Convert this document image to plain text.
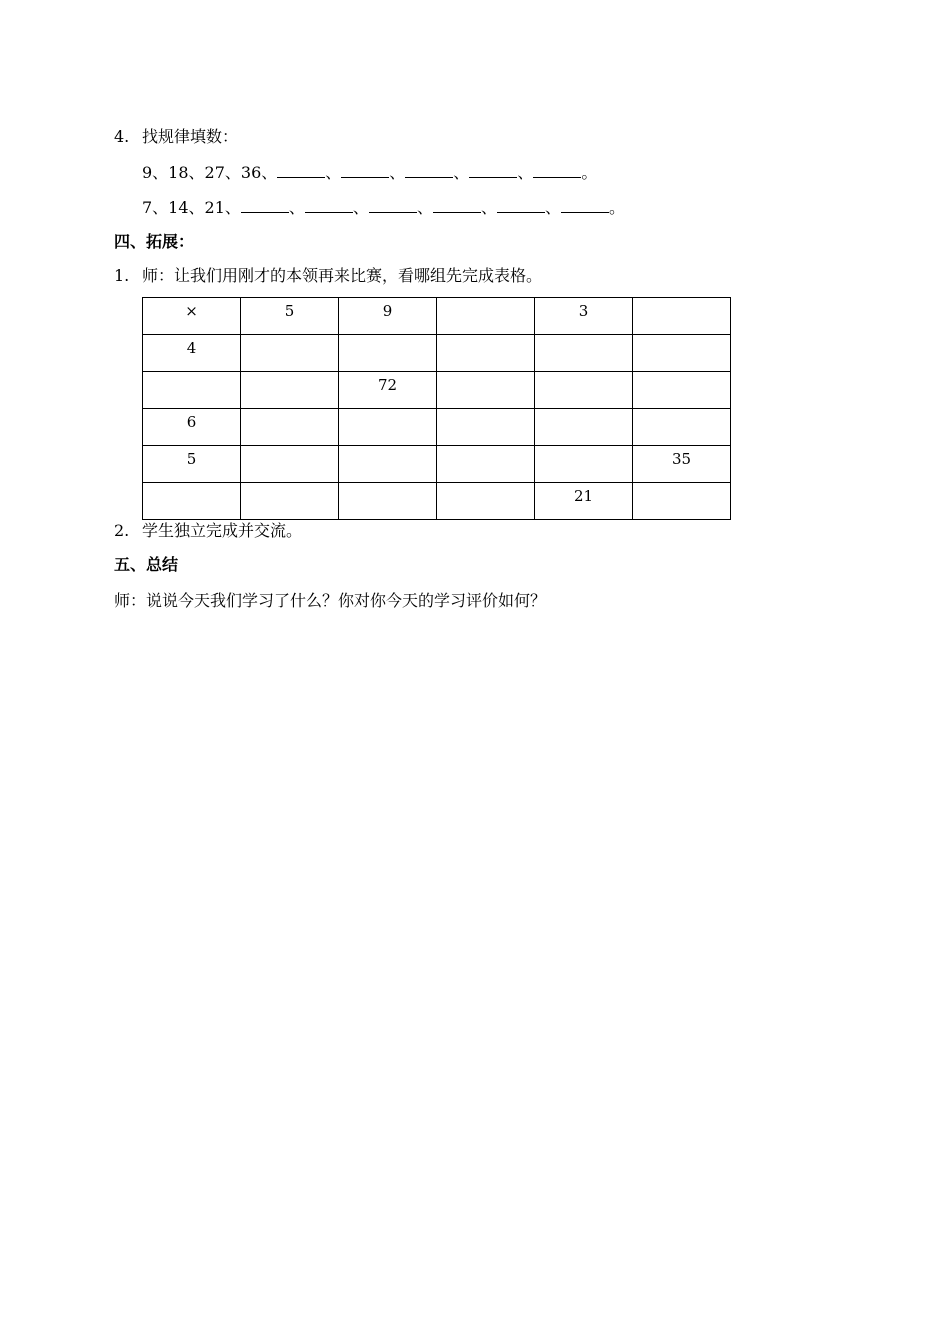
4. 找规律填数：
9、18、27、36、	、	、	、	、	。
7、14、21、	、	、	、	、	、	。
四、拓展：
1. 师：让我们用刚才的本领再来比赛，看哪组先完成表格。
×	5	9		3	
4					
		72			
6					
5					35
				21	
2. 学生独立完成并交流。
五、总结
师：说说今天我们学习了什么？你对你今天的学习评价如何？
